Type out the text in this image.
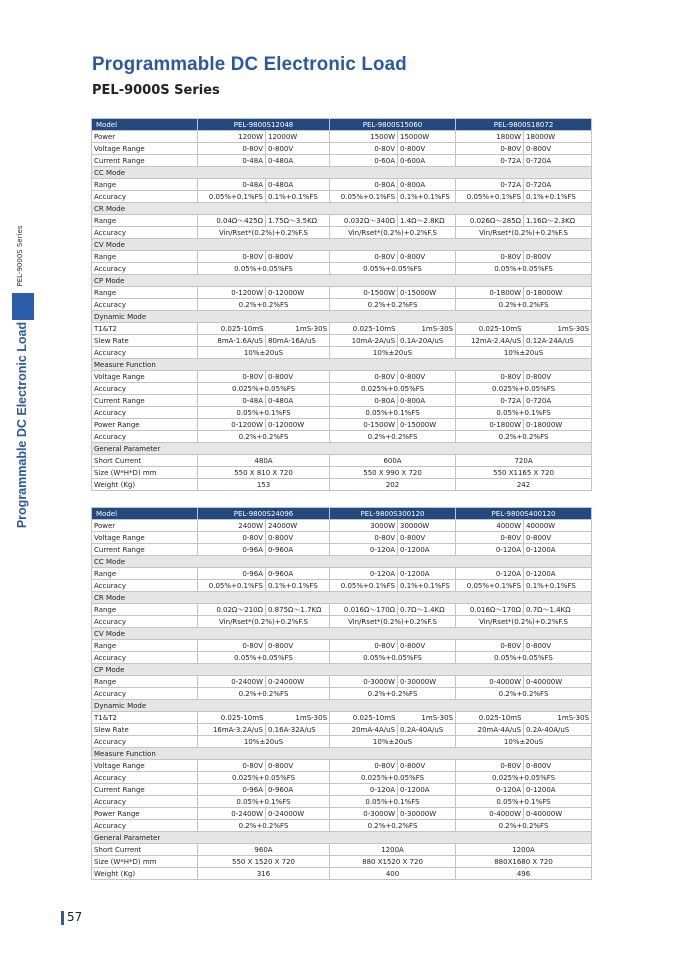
Programmable DC Electronic Load
PEL-9000S Series
PEL-9000S Series
Programmable DC Electronic Load
Model	PEL-9800S12048		PEL-9800S15060		PEL-9800S18072	
Power	1200W	12000W	1500W	15000W	1800W	18000W
Voltage Range	0-80V	0-800V	0-80V	0-800V	0-80V	0-800V
Current Range	0-48A	0-480A	0-60A	0-600A	0-72A	0-720A
CC Mode						
Range	0-48A	0-480A	0-80A	0-800A	0-72A	0-720A
Accuracy	0.05%+0.1%FS	0.1%+0.1%FS	0.05%+0.1%FS	0.1%+0.1%FS	0.05%+0.1%FS	0.1%+0.1%FS
CR Mode						
Range	0.04Ω～425Ω	1.75Ω～3.5KΩ	0.032Ω～340Ω	1.4Ω～2.8KΩ	0.026Ω～285Ω	1.16Ω～2.3KΩ
Accuracy	Vin/Rset*(0.2%)+0.2%F.S		Vin/Rset*(0.2%)+0.2%F.S		Vin/Rset*(0.2%)+0.2%F.S	
CV Mode						
Range	0-80V	0-800V	0-80V	0-800V	0-80V	0-800V
Accuracy	0.05%+0.05%FS		0.05%+0.05%FS		0.05%+0.05%FS	
CP Mode						
Range	0-1200W	0-12000W	0-1500W	0-15000W	0-1800W	0-18000W
Accuracy	0.2%+0.2%FS		0.2%+0.2%FS		0.2%+0.2%FS	
Dynamic Mode						
T1&T2	0.025-10mS	1mS-30S	0.025-10mS	1mS-30S	0.025-10mS	1mS-30S
Slew Rate	8mA-1.6A/uS	80mA-16A/uS	10mA-2A/uS	0.1A-20A/uS	12mA-2.4A/uS	0.12A-24A/uS
Accuracy	10%±20uS		10%±20uS		10%±20uS	
Measure Function						
Voltage Range	0-80V	0-800V	0-80V	0-800V	0-80V	0-800V
Accuracy	0.025%+0.05%FS		0.025%+0.05%FS		0.025%+0.05%FS	
Current Range	0-48A	0-480A	0-80A	0-800A	0-72A	0-720A
Accuracy	0.05%+0.1%FS		0.05%+0.1%FS		0.05%+0.1%FS	
Power Range	0-1200W	0-12000W	0-1500W	0-15000W	0-1800W	0-18000W
Accuracy	0.2%+0.2%FS		0.2%+0.2%FS		0.2%+0.2%FS	
General Parameter						
Short Current	480A		600A		720A	
Size (W*H*D) mm	550 X 810 X 720		550 X 990 X 720		550 X1165 X 720	
Weight (Kg)	153		202		242	
Model	PEL-9800S24096		PEL-9800S300120		PEL-9800S400120	
Power	2400W	24000W	3000W	30000W	4000W	40000W
Voltage Range	0-80V	0-800V	0-80V	0-800V	0-80V	0-800V
Current Range	0-96A	0-960A	0-120A	0-1200A	0-120A	0-1200A
CC Mode						
Range	0-96A	0-960A	0-120A	0-1200A	0-120A	0-1200A
Accuracy	0.05%+0.1%FS	0.1%+0.1%FS	0.05%+0.1%FS	0.1%+0.1%FS	0.05%+0.1%FS	0.1%+0.1%FS
CR Mode						
Range	0.02Ω～210Ω	0.875Ω～1.7KΩ	0.016Ω～170Ω	0.7Ω～1.4KΩ	0.016Ω～170Ω	0.7Ω～1.4KΩ
Accuracy	Vin/Rset*(0.2%)+0.2%F.S		Vin/Rset*(0.2%)+0.2%F.S		Vin/Rset*(0.2%)+0.2%F.S	
CV Mode						
Range	0-80V	0-800V	0-80V	0-800V	0-80V	0-800V
Accuracy	0.05%+0.05%FS		0.05%+0.05%FS		0.05%+0.05%FS	
CP Mode						
Range	0-2400W	0-24000W	0-3000W	0-30000W	0-4000W	0-40000W
Accuracy	0.2%+0.2%FS		0.2%+0.2%FS		0.2%+0.2%FS	
Dynamic Mode						
T1&T2	0.025-10mS	1mS-30S	0.025-10mS	1mS-30S	0.025-10mS	1mS-30S
Slew Rate	16mA-3.2A/uS	0.16A-32A/uS	20mA-4A/uS	0.2A-40A/uS	20mA-4A/uS	0.2A-40A/uS
Accuracy	10%±20uS		10%±20uS		10%±20uS	
Measure Function						
Voltage Range	0-80V	0-800V	0-80V	0-800V	0-80V	0-800V
Accuracy	0.025%+0.05%FS		0.025%+0.05%FS		0.025%+0.05%FS	
Current Range	0-96A	0-960A	0-120A	0-1200A	0-120A	0-1200A
Accuracy	0.05%+0.1%FS		0.05%+0.1%FS		0.05%+0.1%FS	
Power Range	0-2400W	0-24000W	0-3000W	0-30000W	0-4000W	0-40000W
Accuracy	0.2%+0.2%FS		0.2%+0.2%FS		0.2%+0.2%FS	
General Parameter						
Short Current	960A		1200A		1200A	
Size (W*H*D) mm	550 X 1520 X 720		880 X1520 X 720		880X1680 X 720	
Weight (Kg)	316		400		496	
57
